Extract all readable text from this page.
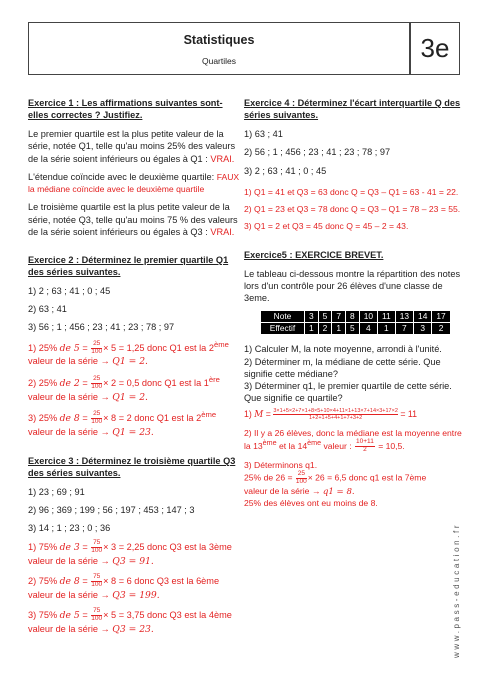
Statistiques
Quartiles	3e
Exercice 1 : Les affirmations suivantes sont-elles correctes ? Justifiez.

Le premier quartile est la plus petite valeur de la série, notée Q1, telle qu'au moins 25% des valeurs de la série soient inférieurs ou égales à Q1 : VRAI.

L'étendue coïncide avec le deuxième quartile: FAUX la médiane coïncide avec le deuxième quartile

Le troisième quartile est la plus petite valeur de la série, notée Q3, telle qu'au moins 75 % des valeurs de la série soient inférieurs ou égales à Q3 : VRAI.

Exercice 2 : Déterminez le premier quartile Q1 des séries suivantes.

1) 2 ; 63 ; 41 ; 0 ; 45

2) 63 ; 41

3) 56 ; 1 ; 456 ; 23 ; 41 ; 23 ; 78 ; 97

1) 25% de $5 = \frac{25}{100} \times 5 = 1,25$ donc Q1 est la 2ème valeur de la série → Q1 = 2.

2) 25% de $2 = \frac{25}{100} \times 2 = 0,5$ donc Q1 est la 1ère valeur de la série → Q1 = 2.

3) 25% de $8 = \frac{25}{100} \times 8 = 2$ donc Q1 est la 2ème valeur de la série → Q1 = 23.

Exercice 3 : Déterminez le troisième quartile Q3 des séries suivantes.

1) 23 ; 69 ; 91

2) 96 ; 369 ; 199 ; 56 ; 197 ; 453 ; 147 ; 3

3) 14 ; 1 ; 23 ; 0 ; 36

1) 75% de $3 = \frac{75}{100} \times 3 = 2,25$ donc Q3 est la 3ème valeur de la série → Q3 = 91.

2) 75% de $8 = \frac{75}{100} \times 8 = 6$ donc Q3 est la 6ème valeur de la série → Q3 = 199.

3) 75% de $5 = \frac{75}{100} \times 5 = 3,75$ donc Q3 est la 4ème valeur de la série → Q3 = 23.

Exercice 4 : Déterminez l'écart interquartile Q des séries suivantes.

1) 63 ; 41

2) 56 ; 1 ; 456 ; 23 ; 41 ; 23 ; 78 ; 97

3) 2 ; 63 ; 41 ; 0 ; 45

1) Q1 = 41 et Q3 = 63 donc Q = Q3 – Q1 = 63 - 41 = 22.

2) Q1 = 23 et Q3 = 78 donc Q = Q3 – Q1 = 78 – 23 = 55.

3) Q1 = 2 et Q3 = 45 donc Q = 45 – 2 = 43.

Exercice5 : EXERCICE BREVET.

Le tableau ci-dessous montre la répartition des notes lors d'un contrôle pour 26 élèves d'une classe de 3eme.

Note	3	5	7	8	10	11	13	14	17
Effectif	1	2	1	5	4	1	7	3	2
1) Calculer M, la note moyenne, arrondi à l'unité.
2) Déterminer m, la médiane de cette série. Que signifie cette médiane?
3) Déterminer q1, le premier quartile de cette série. Que signifie ce quartile?

1) $M = \frac{3\times 1+5\times 2+7\times 1+8\times 5+10\times 4+11\times 1+13\times 7+14\times 3+17\times 2}{1+2+1+5+4+1+7+3+2} = 11$

2) Il y a 26 élèves, donc la médiane est la moyenne entre la 13ème et la 14ème valeur : $\frac{10+11}{2} = 10,5$.

3) Déterminons q1.
25% de $26 = \frac{25}{100} \times 26 = 6,5$ donc q1 est la 7ème
valeur de la série → q1 = 8.
25% des élèves ont eu moins de 8.
www.pass-education.fr
